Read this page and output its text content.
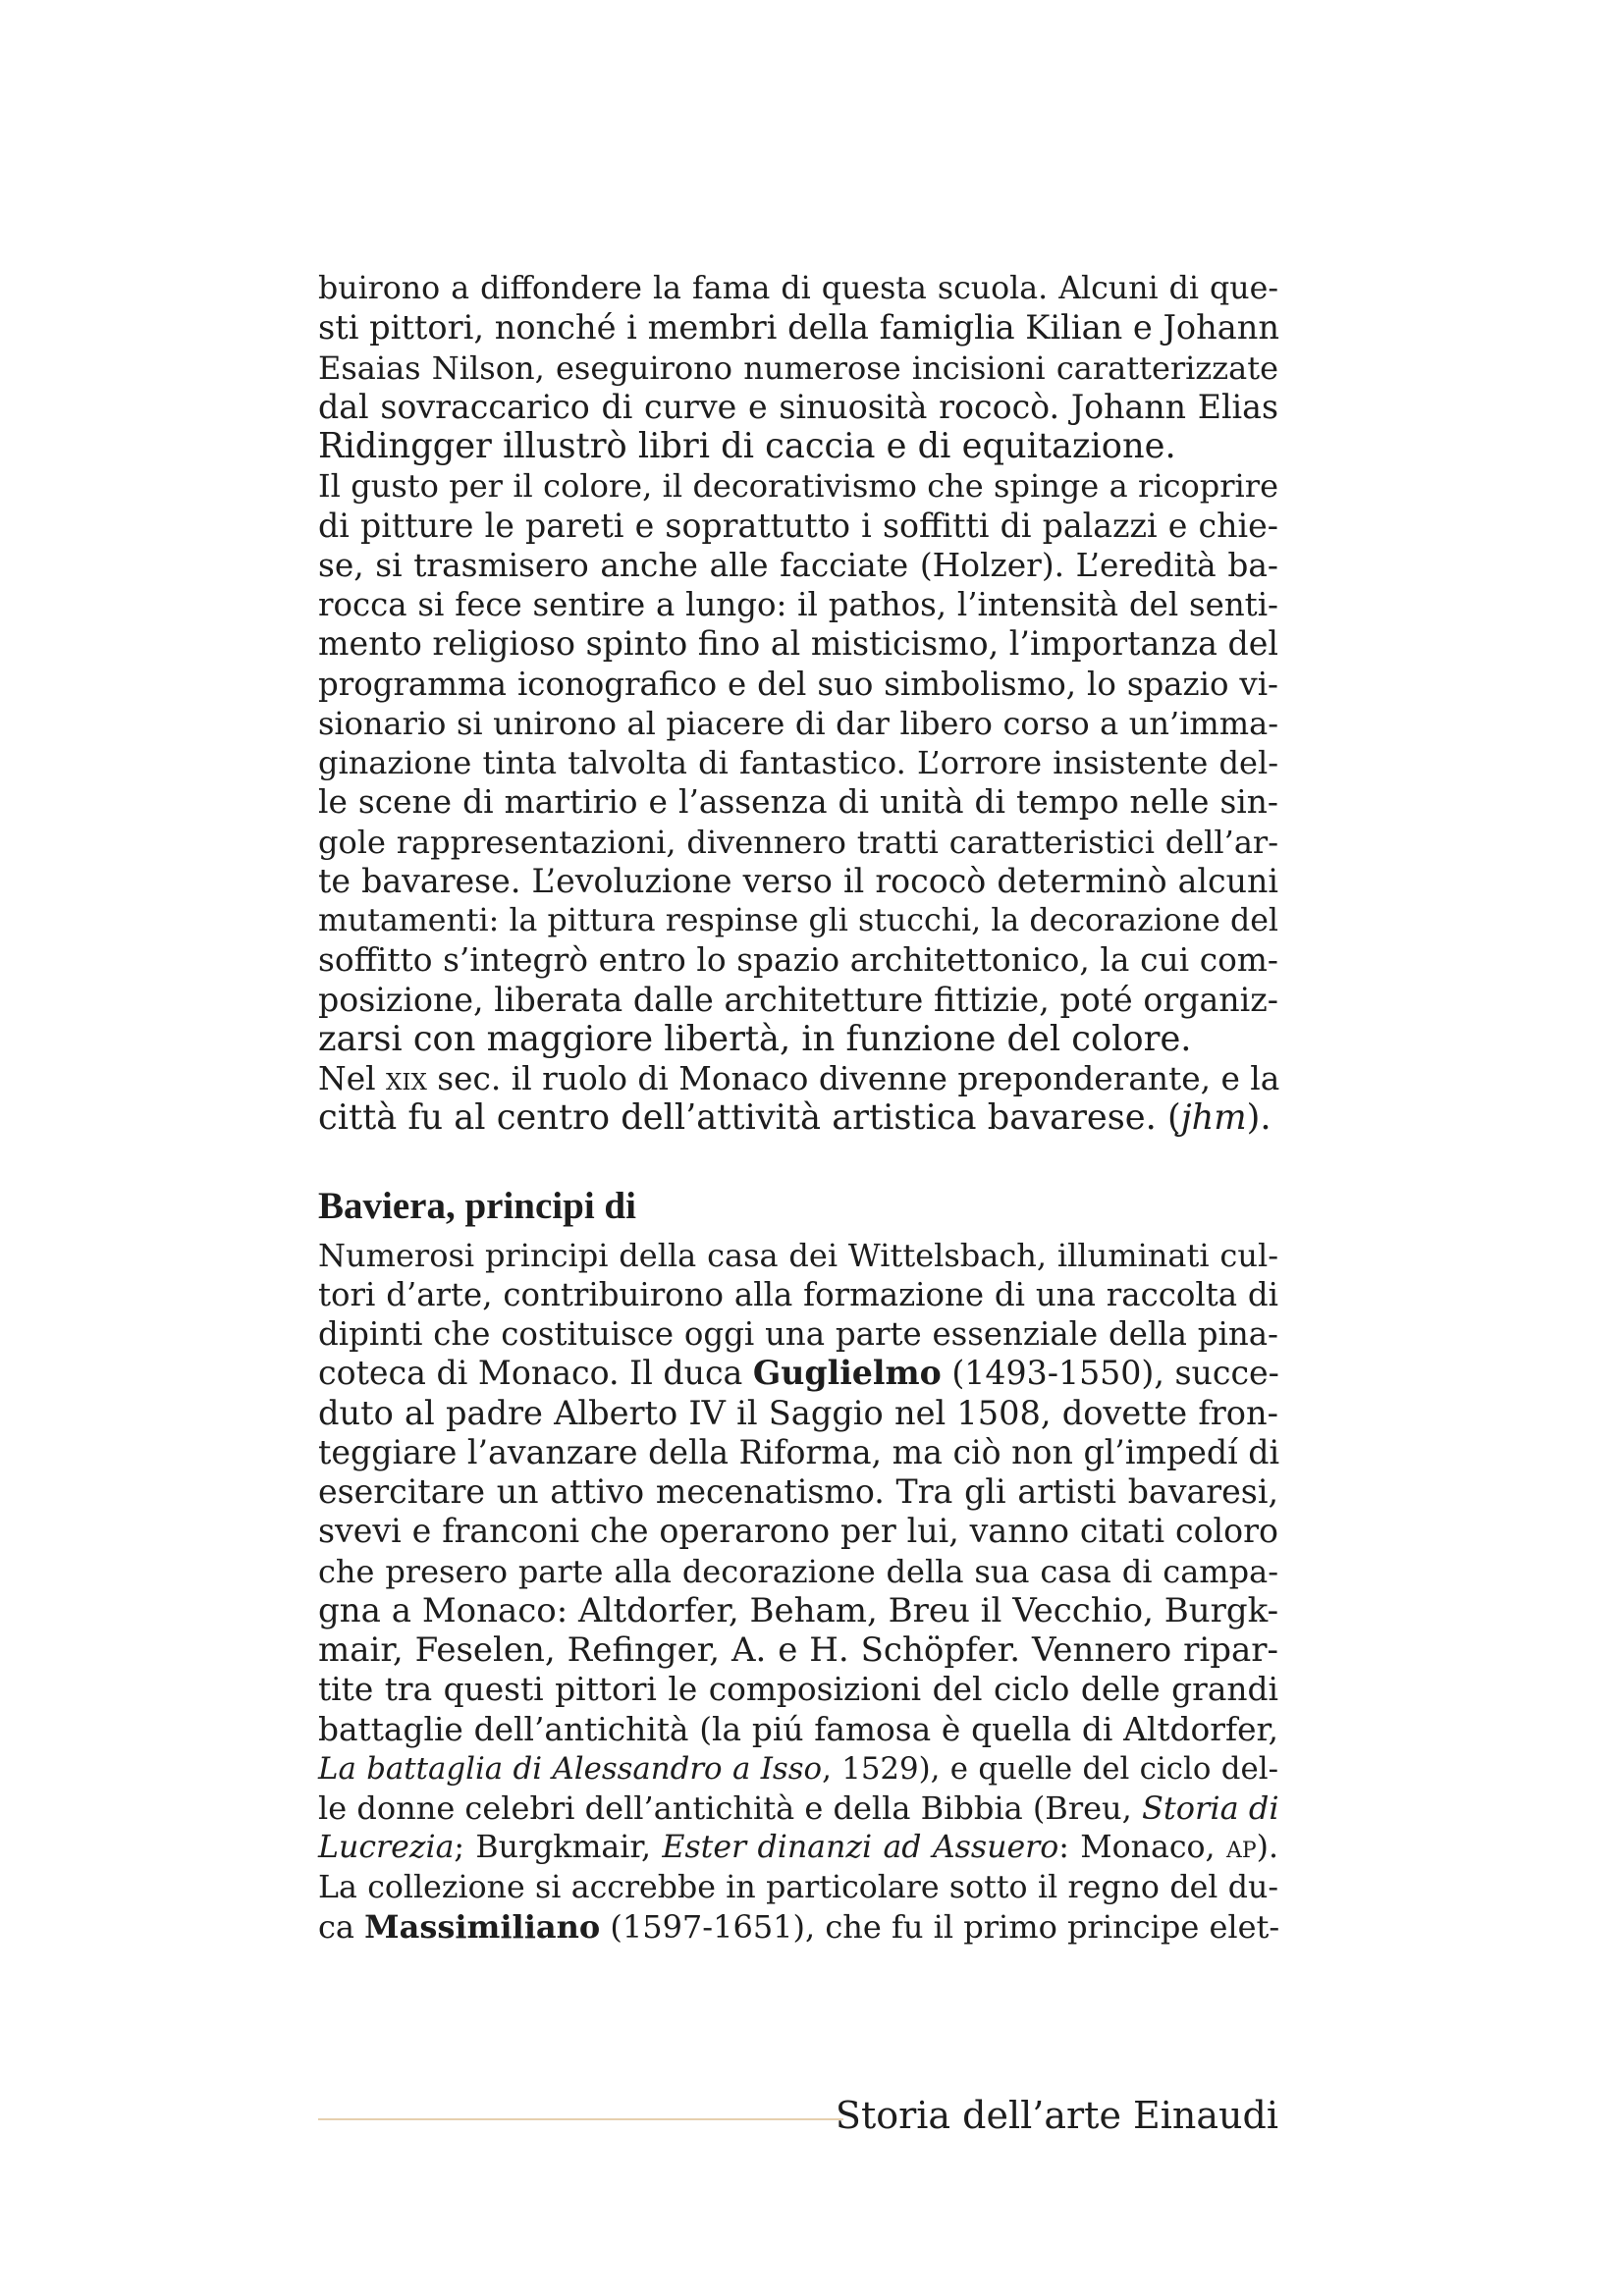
buirono a diffondere la fama di questa scuola. Alcuni di que-
sti pittori, nonché i membri della famiglia Kilian e Johann
Esaias Nilson, eseguirono numerose incisioni caratterizzate
dal sovraccarico di curve e sinuosità rococò. Johann Elias
Ridingger illustrò libri di caccia e di equitazione.
Il gusto per il colore, il decorativismo che spinge a ricoprire
di pitture le pareti e soprattutto i soffitti di palazzi e chie-
se, si trasmisero anche alle facciate (Holzer). L’eredità ba-
rocca si fece sentire a lungo: il pathos, l’intensità del senti-
mento religioso spinto fino al misticismo, l’importanza del
programma iconografico e del suo simbolismo, lo spazio vi-
sionario si unirono al piacere di dar libero corso a un’imma-
ginazione tinta talvolta di fantastico. L’orrore insistente del-
le scene di martirio e l’assenza di unità di tempo nelle sin-
gole rappresentazioni, divennero tratti caratteristici dell’ar-
te bavarese. L’evoluzione verso il rococò determinò alcuni
mutamenti: la pittura respinse gli stucchi, la decorazione del
soffitto s’integrò entro lo spazio architettonico, la cui com-
posizione, liberata dalle architetture fittizie, poté organiz-
zarsi con maggiore libertà, in funzione del colore.
Nel xix sec. il ruolo di Monaco divenne preponderante, e la
città fu al centro dell’attività artistica bavarese. (jhm).
Baviera, principi di
Numerosi principi della casa dei Wittelsbach, illuminati cul-
tori d’arte, contribuirono alla formazione di una raccolta di
dipinti che costituisce oggi una parte essenziale della pina-
coteca di Monaco. Il duca Guglielmo (1493-1550), succe-
duto al padre Alberto IV il Saggio nel 1508, dovette fron-
teggiare l’avanzare della Riforma, ma ciò non gl’impedí di
esercitare un attivo mecenatismo. Tra gli artisti bavaresi,
svevi e franconi che operarono per lui, vanno citati coloro
che presero parte alla decorazione della sua casa di campa-
gna a Monaco: Altdorfer, Beham, Breu il Vecchio, Burgk-
mair, Feselen, Refinger, A. e H. Schöpfer. Vennero ripar-
tite tra questi pittori le composizioni del ciclo delle grandi
battaglie dell’antichità (la piú famosa è quella di Altdorfer,
La battaglia di Alessandro a Isso, 1529), e quelle del ciclo del-
le donne celebri dell’antichità e della Bibbia (Breu, Storia di
Lucrezia; Burgkmair, Ester dinanzi ad Assuero: Monaco, ap).
La collezione si accrebbe in particolare sotto il regno del du-
ca Massimiliano (1597-1651), che fu il primo principe elet-
Storia dell’arte Einaudi
